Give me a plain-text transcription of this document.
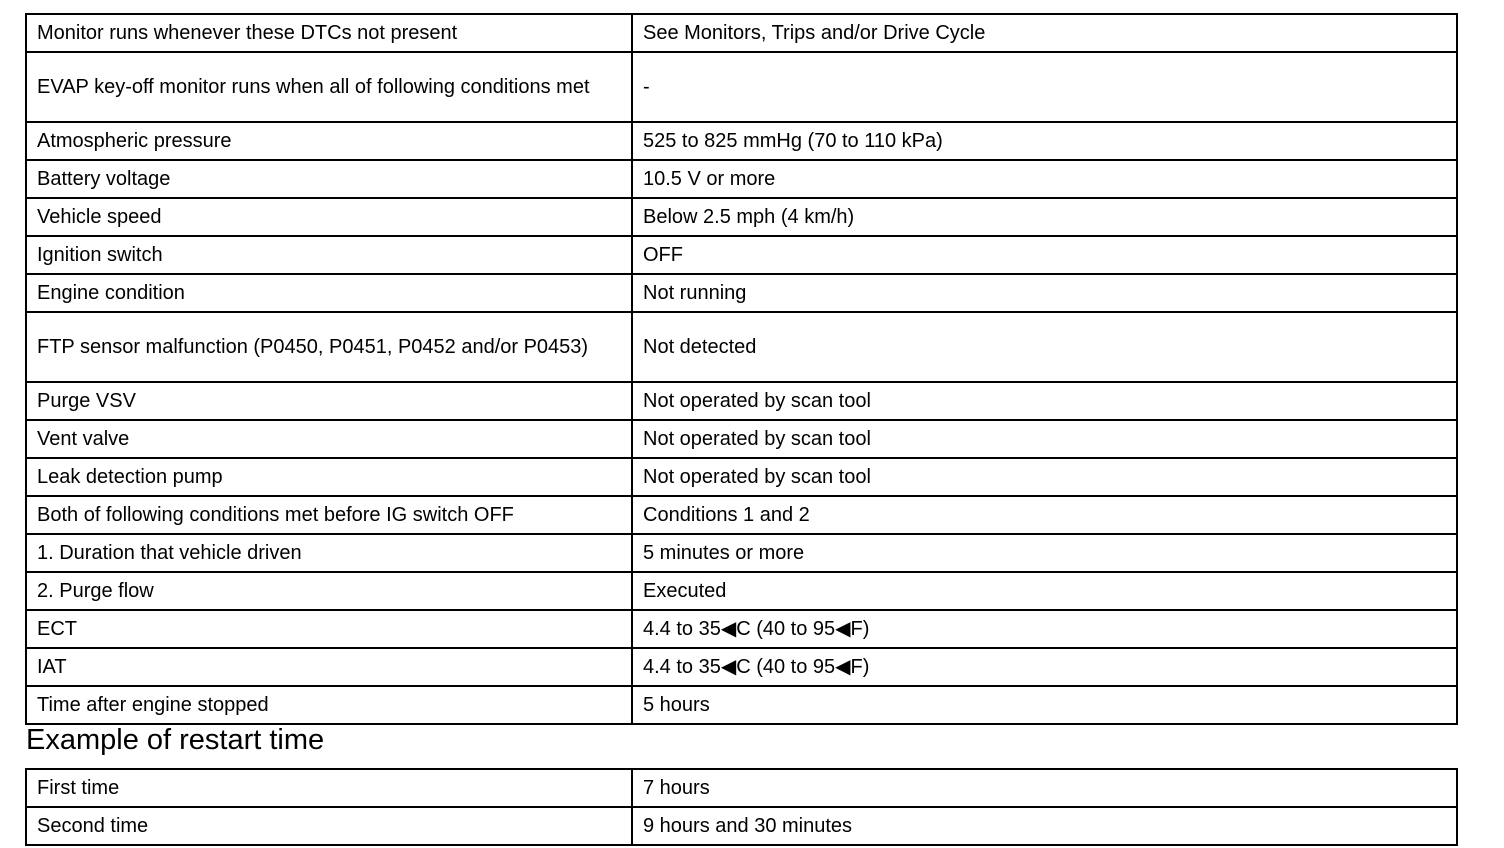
Monitor runs whenever these DTCs not present	See Monitors, Trips and/or Drive Cycle
EVAP key-off monitor runs when all of following conditions met	-
Atmospheric pressure	525 to 825 mmHg (70 to 110 kPa)
Battery voltage	10.5 V or more
Vehicle speed	Below 2.5 mph (4 km/h)
Ignition switch	OFF
Engine condition	Not running
FTP sensor malfunction (P0450, P0451, P0452 and/or P0453)	Not detected
Purge VSV	Not operated by scan tool
Vent valve	Not operated by scan tool
Leak detection pump	Not operated by scan tool
Both of following conditions met before IG switch OFF	Conditions 1 and 2
1. Duration that vehicle driven	5 minutes or more
2. Purge flow	Executed
ECT	4.4 to 35◀C (40 to 95◀F)
IAT	4.4 to 35◀C (40 to 95◀F)
Time after engine stopped	5 hours
Example of restart time
First time	7 hours
Second time	9 hours and 30 minutes
